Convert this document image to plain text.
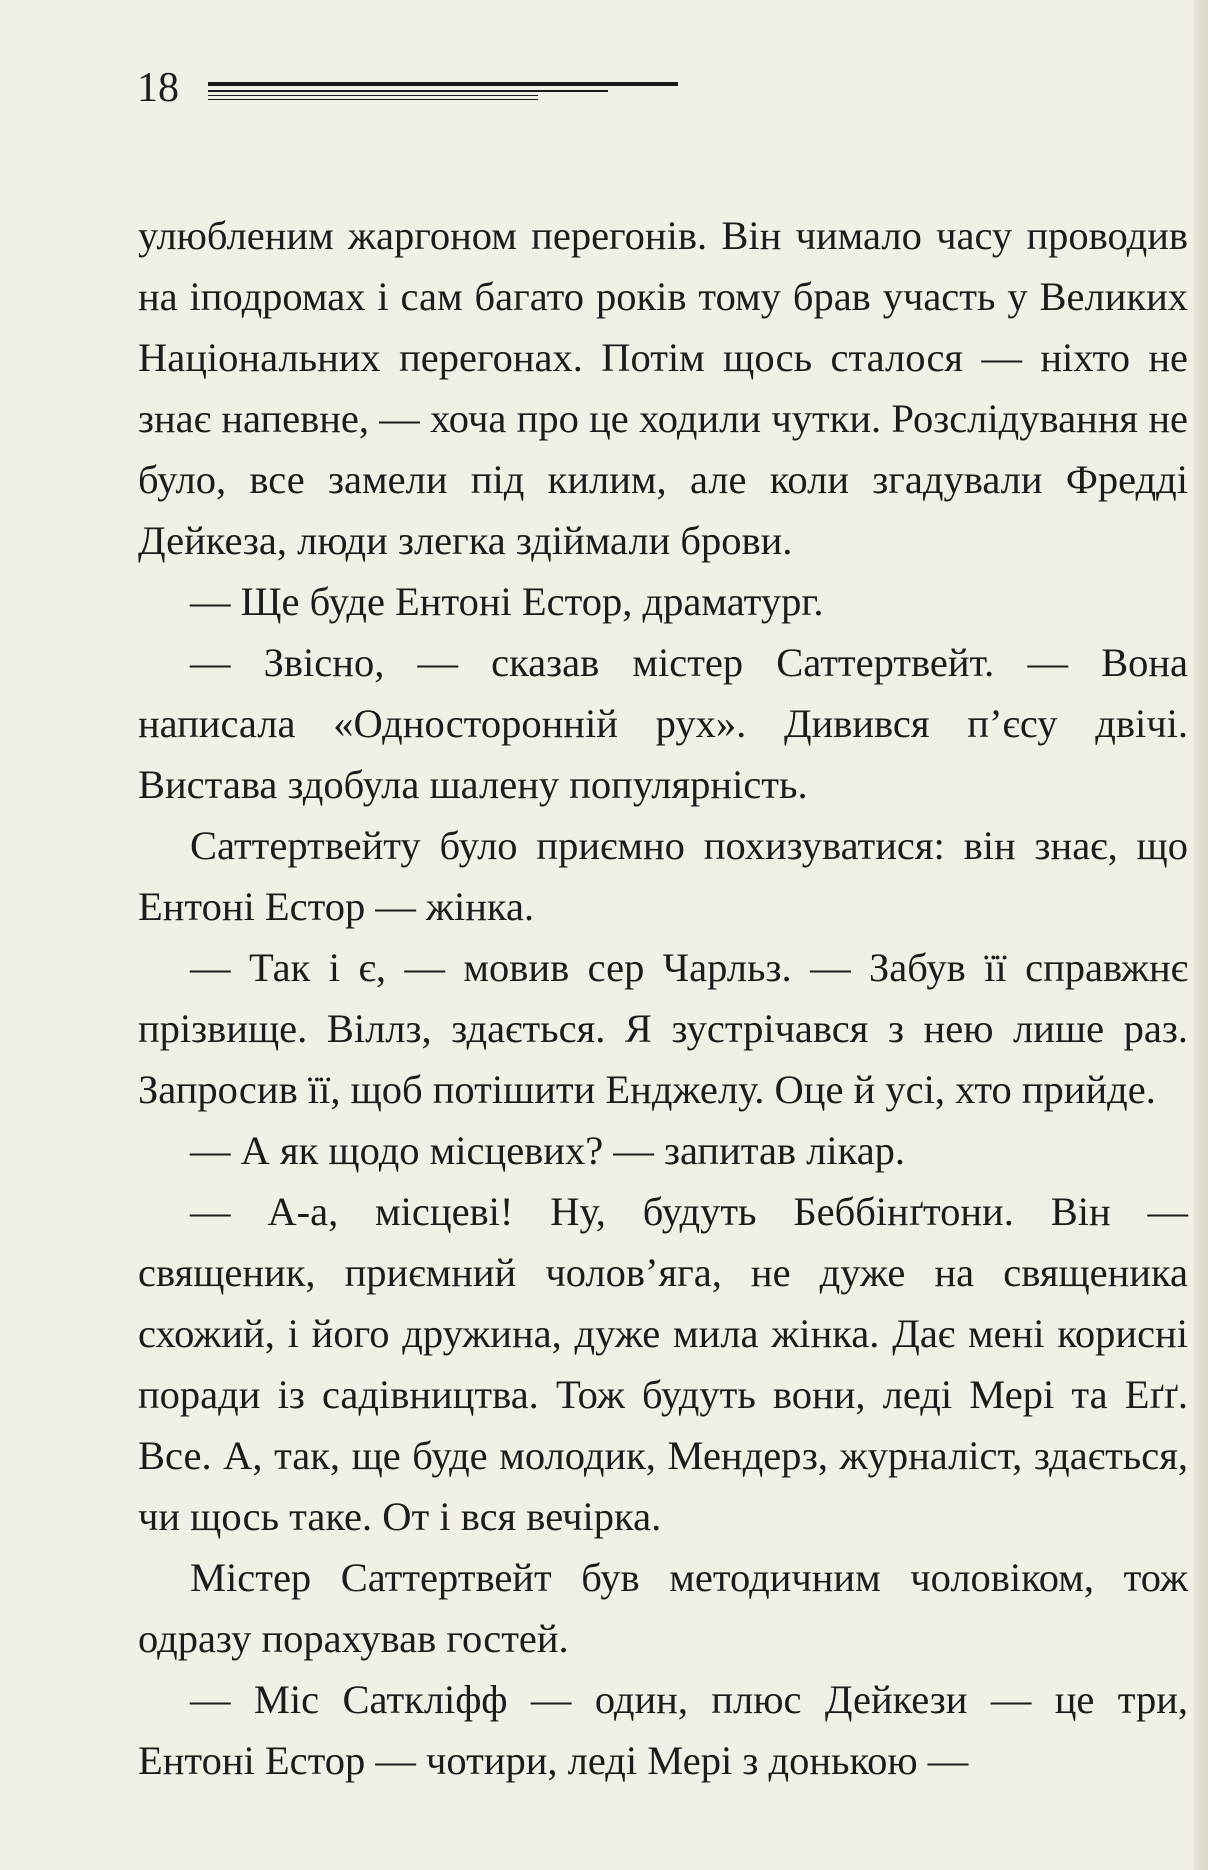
18

улюбленим жаргоном перегонів. Він чимало часу проводив на іподромах і сам багато років тому брав участь у Великих Національних перегонах. Потім щось сталося — ніхто не знає напевне, — хоча про це ходили чутки. Розслідування не було, все замели під килим, але коли згадували Фредді Дейкеза, люди злегка здіймали брови.

— Ще буде Ентоні Естор, драматург.

— Звісно, — сказав містер Саттертвейт. — Вона написала «Односторонній рух». Дивився п’єсу двічі. Вистава здобула шалену популярність.

Саттертвейту було приємно похизуватися: він знає, що Ентоні Естор — жінка.

— Так і є, — мовив сер Чарльз. — Забув її справжнє прізвище. Віллз, здається. Я зустрічався з нею лише раз. Запросив її, щоб потішити Енджелу. Оце й усі, хто прийде.

— А як щодо місцевих? — запитав лікар.

— А-а, місцеві! Ну, будуть Беббінґтони. Він — священик, приємний чолов’яга, не дуже на священика схожий, і його дружина, дуже мила жінка. Дає мені корисні поради із садівництва. Тож будуть вони, леді Мері та Еґґ. Все. А, так, ще буде молодик, Мендерз, журналіст, здається, чи щось таке. От і вся вечірка.

Містер Саттертвейт був методичним чоловіком, тож одразу порахував гостей.

— Міс Сатклiфф — один, плюс Дейкези — це три, Ентоні Естор — чотири, леді Мері з донькою —
